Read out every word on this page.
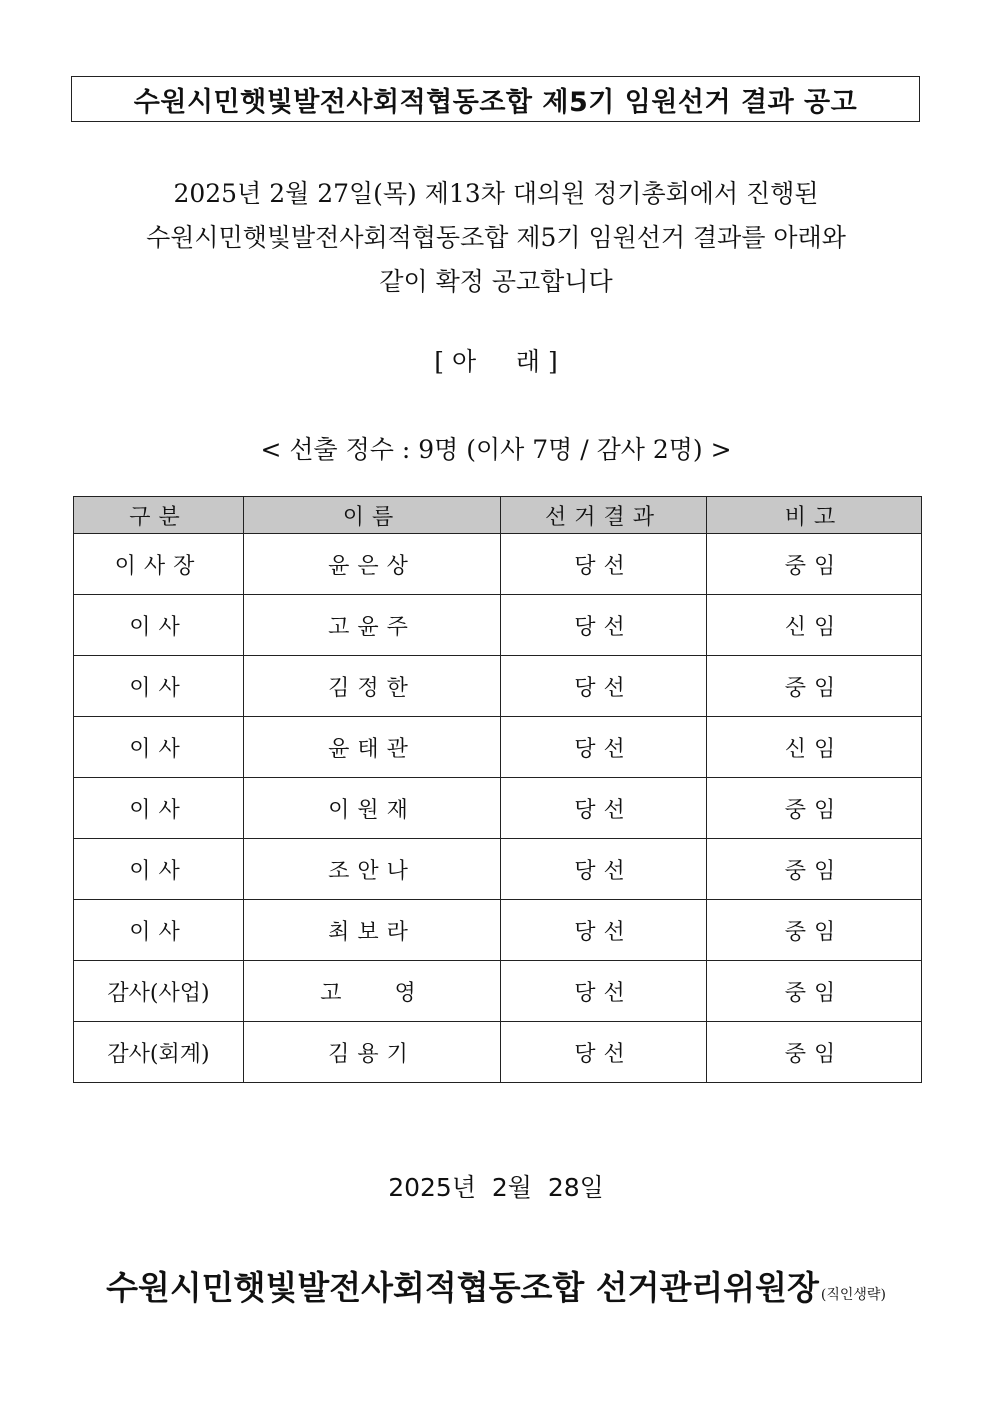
수원시민햇빛발전사회적협동조합 제5기 임원선거 결과 공고
2025년 2월 27일(목) 제13차 대의원 정기총회에서 진행된
수원시민햇빛발전사회적협동조합 제5기 임원선거 결과를 아래와
같이 확정 공고합니다
[ 아     래 ]
< 선출 정수 : 9명 (이사 7명 / 감사 2명) >
구분	이름	선거결과	비고
이사장	윤은상	당선	중임
이사	고윤주	당선	신임
이사	김정한	당선	중임
이사	윤태관	당선	신임
이사	이원재	당선	중임
이사	조안나	당선	중임
이사	최보라	당선	중임
감사(사업)	고   영	당선	중임
감사(회계)	김용기	당선	중임
2025년  2월  28일
수원시민햇빛발전사회적협동조합 선거관리위원장 (직인생략)
